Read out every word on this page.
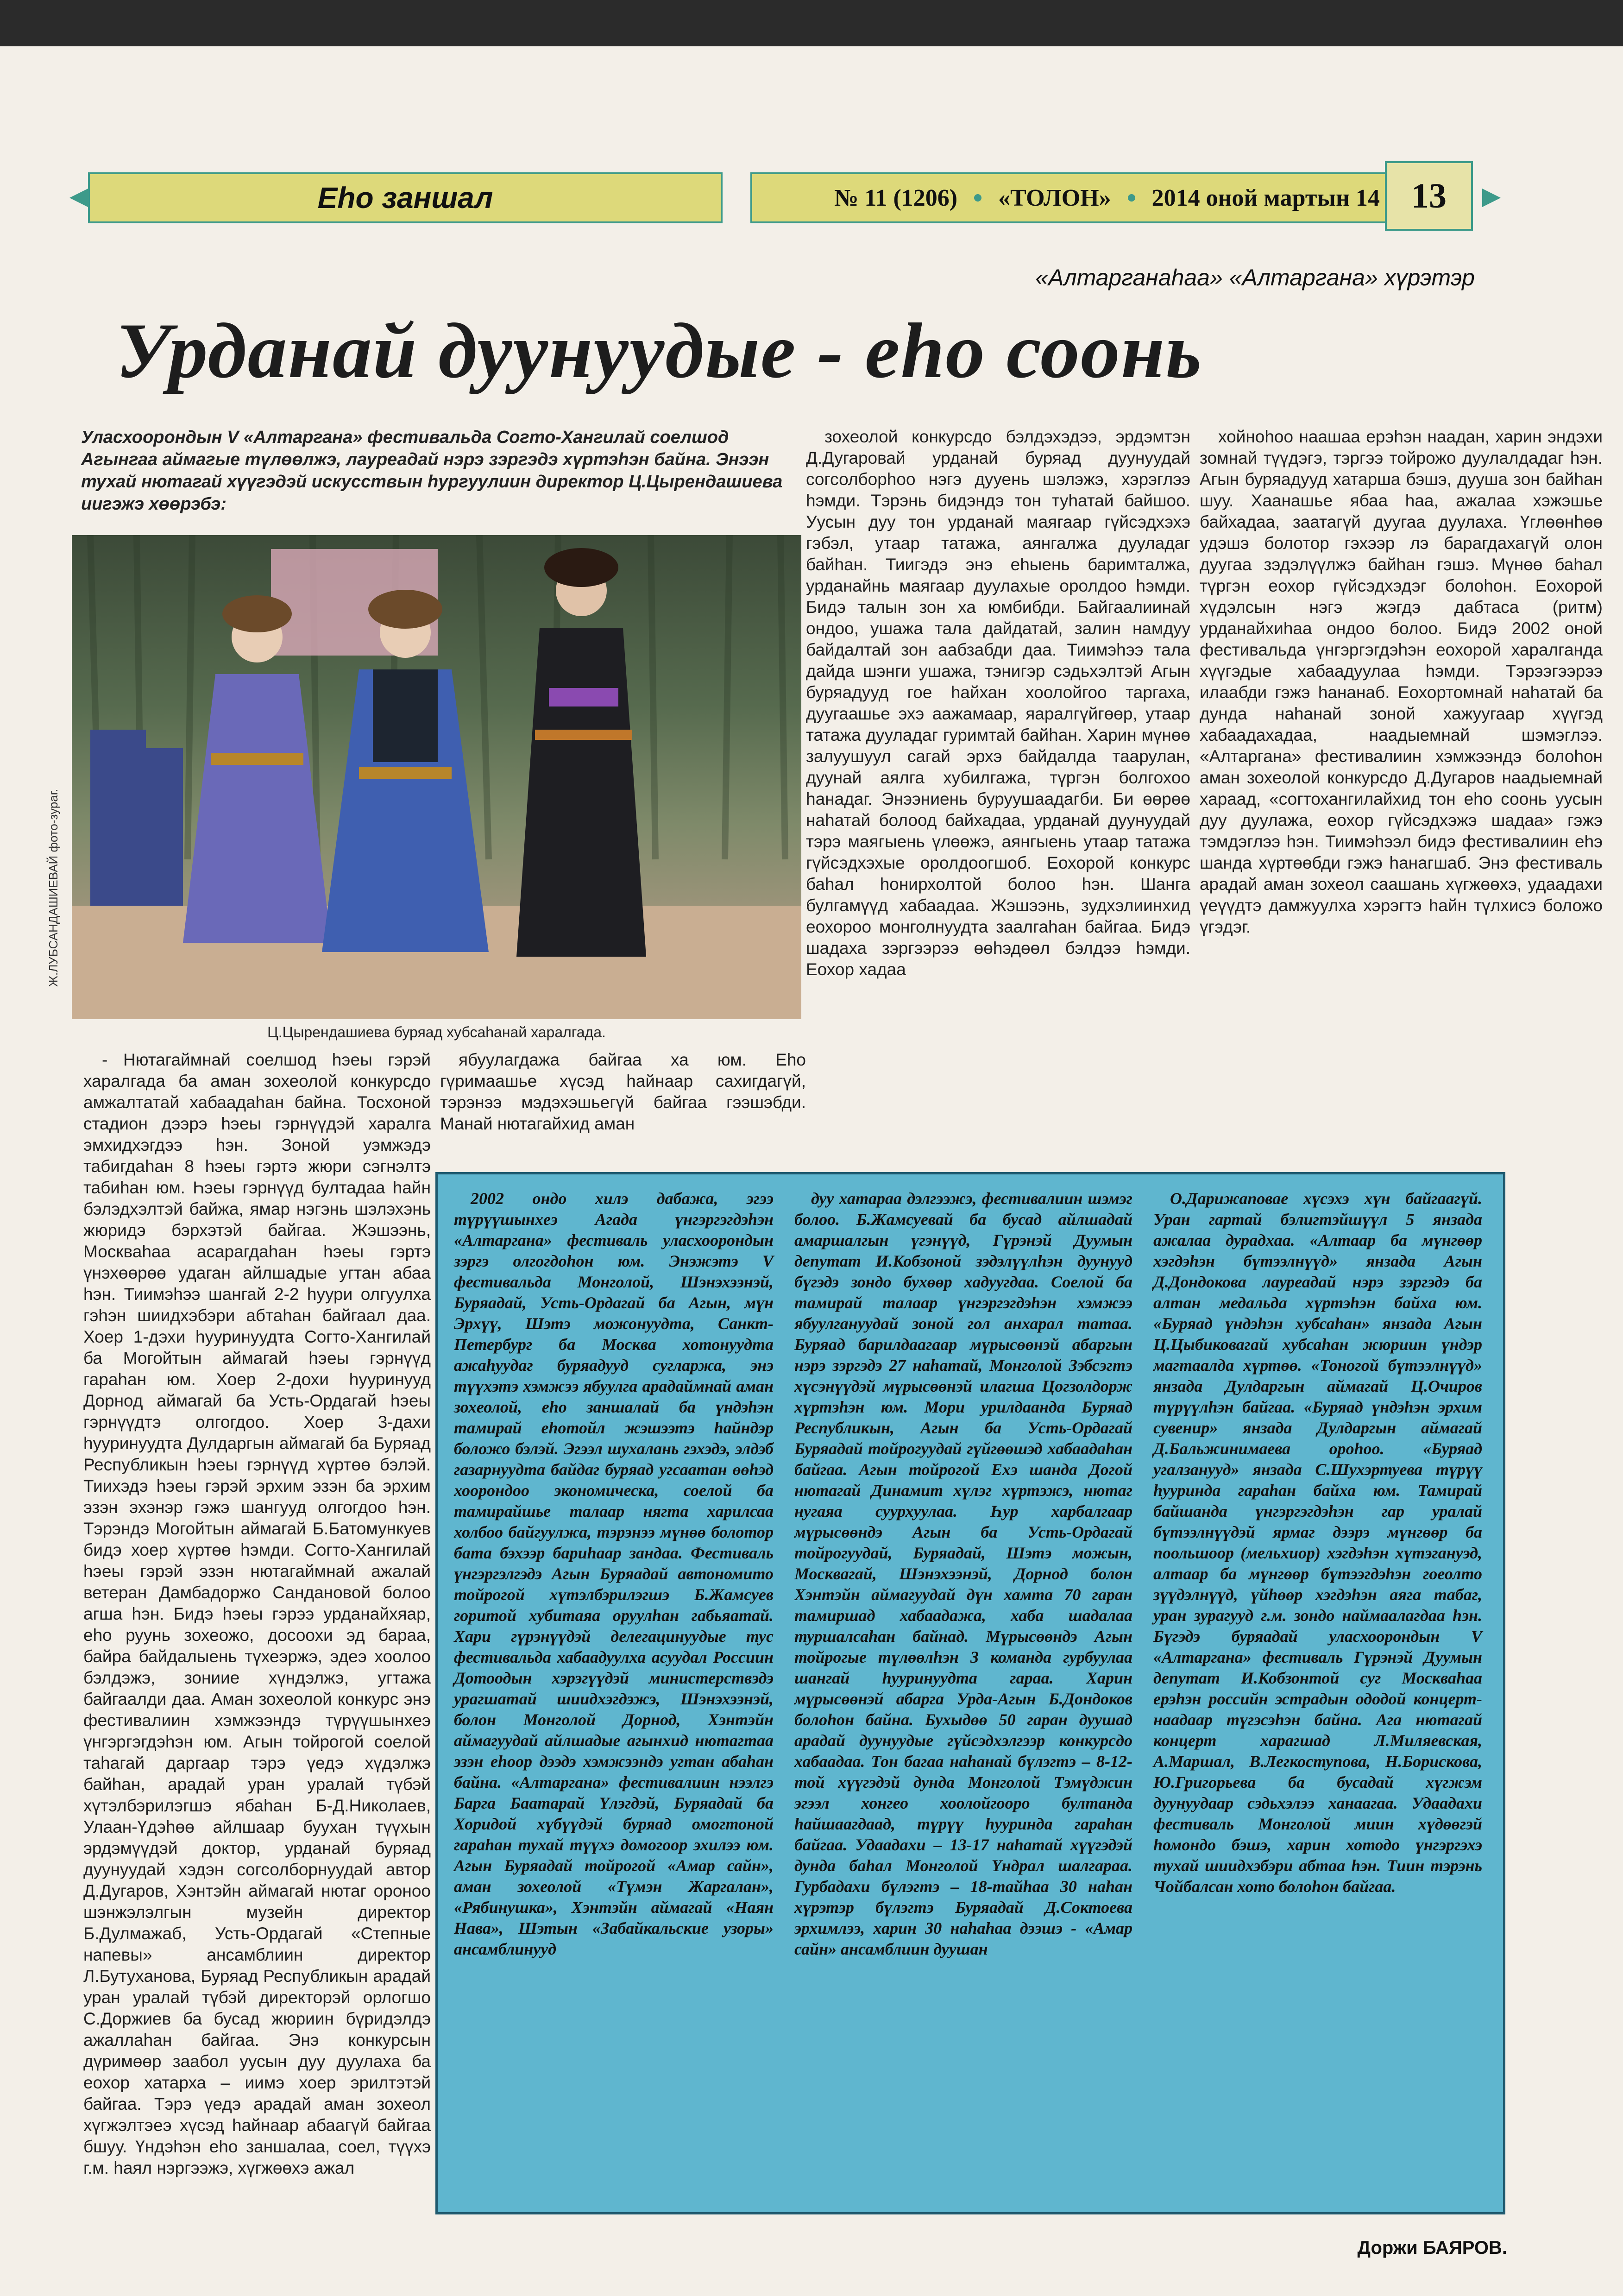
Еһо заншал	№ 11 (1206) «ТОЛОН» 2014 оной мартын 14 13
«Алтарганаһаа» «Алтаргана» хүрэтэр
Урданай дуунуудые - еһо соонь
Уласхоорондын V «Алтаргана» фестивальда Согто-Хангилай соелшод Агынгаа аймагые түлөөлжэ, лауреадай нэрэ зэргэдэ хүртэһэн байна. Энээн тухай нютагай хүүгэдэй искусствын һургуулиин директор Ц.Цырендашиева иигэжэ хөөрэбэ:
Ц.Цырендашиева буряад хубсаһанай харалгада.
Ж.ЛУБСАНДАШИЕВАЙ фото-зураг.

зохеолой конкурсдо бэлдэхэдээ, эрдэмтэн Д.Дугаровай урданай буряад дуунуудай согсолборһоо нэгэ дууень шэлэжэ, хэрэглээ һэмди. Тэрэнь бидэндэ тон туһатай байшоо. Уусын дуу тон урданай маягаар гүйсэдхэхэ гэбэл, утаар татажа, аянгалжа дууладаг байһан. Тиигэдэ энэ еһыень баримталжа, урданайнь маягаар дуулахые оролдоо һэмди. Бидэ талын зон ха юмбибди. Байгаалиинай ондоо, ушажа тала дайдатай, залин намдуу байдалтай зон аабзабди даа. Тиимэһээ тала дайда шэнги ушажа, тэнигэр сэдьхэлтэй Агын буряадууд гое һайхан хоолойгоо таргаха, дуугаашье эхэ аажамаар, яаралгүйгөөр, утаар татажа дууладаг гуримтай байһан. Харин мүнөө залуушуул сагай эрхэ байдалда таарулан, дуунай аялга хубилгажа, түргэн болгохоо һанадаг. Энээниень буруушаадагби. Би өөрөө наһатай болоод байхадаа, урданай дуунуудай тэрэ маягыень үлөөжэ, аянгыень утаар татажа гүйсэдхэхые оролдоогшоб. Еохорой конкурс баһал һонирхолтой болоо һэн. Шанга булгамүүд хабаадаа. Жэшээнь, зудхэлиинхид еохорoo монголнуудта заалгаһан байгаа. Бидэ шадаха зэргээрээ өөһэдөөл бэлдээ һэмди. Еохор хадаа

хойноһоо наашаа ерэһэн наадан, харин эндэхи зомнай түүдэгэ, тэргээ тойрожо дуулалдадаг һэн. Агын буряадууд хатарша бэшэ, дууша зон байһан шуу. Хаанашье ябаа һаа, ажалаа хэжэшье байхадаа, заатагүй дуугаа дуулаха. Үглөөнһөө удэшэ болотор гэхээр лэ барагдахагүй олон дуугаа зэдэлүүлжэ байһан гэшэ. Мүнөө баһал түргэн еохор гүйсэдхэдэг болоһон. Еохорой хүдэлсын нэгэ жэгдэ дабтаса (ритм) урданайхиһаа ондоо болоо. Бидэ 2002 оной фестивальда үнгэргэгдэһэн еохорой харалганда хүүгэдые хабаадуулаа һэмди. Тэрээгээрээ илаабди гэжэ һананаб. Еохортомнай наһатай ба дунда наһанай зоной хажуугаар хүүгэд хабаадахадаа, наадыемнай шэмэглээ. «Алтаргана» фестивалиин хэмжээндэ болоһон аман зохеолой конкурсдо Д.Дугаров наадыемнай хараад, «согтохангилайхид тон еһо соонь уусын дуу дуулажа, еохор гүйсэдхэжэ шадаа» гэжэ тэмдэглээ һэн. Тиимэһээл бидэ фестивалиин еһэ шанда хүртөөбди гэжэ һанагшаб. Энэ фестиваль арадай аман зохеол саашань хүгжөөхэ, удаадахи үеүүдтэ дамжуулха хэрэгтэ һайн түлхисэ боложо үгэдэг.

- Нютагаймнай соелшод һэеы гэрэй харалгада ба аман зохеолой конкурсдо амжалтатай хабаадаһан байна. Тосхоной стадион дээрэ һэеы гэрнүүдэй харалга эмхидхэгдээ һэн. Зоной уэмжэдэ табигдаһан 8 һэеы гэртэ жюри сэгнэлтэ табиһан юм. Һэеы гэрнүүд бултадаа һайн бэлэдхэлтэй байжа, ямар нэгэнь шэлэхэнь жюридэ бэрхэтэй байгаа. Жэшээнь, Москваһаа асарагдаһан һэеы гэртэ үнэхөөрөө удаган айлшадые угтан абаа һэн. Тиимэһээ шангай 2-2 һуури олгуулха гэһэн шиидхэбэри абтаһан байгаал даа. Хоер 1-дэхи һууринуудта Согто-Хангилай ба Могойтын аймагай һэеы гэрнүүд гараһан юм. Хоер 2-дохи һууринууд Дорнод аймагай ба Усть-Ордагай һэеы гэрнүүдтэ олгогдоо. Хоер 3-дахи һууринуудта Дулдаргын аймагай ба Буряад Республикын һэеы гэрнүүд хүртөө бэлэй. Тиихэдэ һэеы гэрэй эрхим эзэн ба эрхим эзэн эхэнэр гэжэ шангууд олгогдоо һэн. Тэрэндэ Могойтын аймагай Б.Батомункуев бидэ хоер хүртөө һэмди. Согто-Хангилай һэеы гэрэй эзэн нютагаймнай ажалай ветеран Дамбадоржо Сандановой болоо агша һэн. Бидэ һэеы гэрээ урданайхяар, еһо руунь зохеожо, досоохи эд бараа, байра байдалыень түхеэржэ, эдеэ хоолоо бэлдэжэ, зониие хүндэлжэ, угтажа байгаалди даа. Аман зохеолой конкурс энэ фестивалиин хэмжээндэ түрүүшынхеэ үнгэргэгдэһэн юм. Агын тойрогой соелой таһагай даргаар тэрэ үедэ хүдэлжэ байһан, арадай уран уралай түбэй хүтэлбэрилэгшэ ябаһан Б-Д.Николаев, Улаан-Үдэһөө айлшаар буухан түүхын эрдэмүүдэй доктор, урданай буряад дуунуудай хэдэн согсолборнуудай автор Д.Дугаров, Хэнтэйн аймагай нютаг ороноо шэнжэлэлгын музейн директор Б.Дулмажаб, Усть-Ордагай «Степные напевы» ансамблиин директор Л.Бутуханова, Буряад Республикын арадай уран уралай түбэй директорэй орлогшо С.Доржиев ба бусад жюриин бүридэлдэ ажаллаһан байгаа. Энэ конкурсын дүримөөр заабол уусын дуу дуулаха ба еохор хатарха – иимэ хоер эрилтэтэй байгаа. Тэрэ үедэ арадай аман зохеол хүгжэлтэеэ хүсэд һайнаар абаагүй байгаа бшуу. Үндэһэн еһо заншалаа, соел, түүхэ г.м. һаял нэргээжэ, хүгжөөхэ ажал

ябуулагдажа байгаа ха юм. Еһо гүримаашье хүсэд һайнаар сахигдагүй, тэрэнээ мэдэхэшьегүй байгаа гээшэбди. Манай нютагайхид аман

2002 ондо хилэ дабажа, эгээ түрүүшынхеэ Агада үнгэргэгдэһэн «Алтаргана» фестиваль уласхоорондын зэргэ олгогдоһон юм. Энэжэтэ V фестивальда Монголой, Шэнэхээнэй, Буряадай, Усть-Ордагай ба Агын, мүн Эрхүү, Шэтэ можонуудта, Санкт-Петербург ба Москва хотонуудта ажаһуудаг буряадууд сугларжа, энэ түүхэтэ хэмжээ ябуулга арадаймнай аман зохеолой, еһо заншалай ба үндэһэн тамирай еһотойл жэшээтэ һайндэр боложо бэлэй. Эгээл шухалань гэхэдэ, элдэб газарнуудта байдаг буряад угсаатан өөһэд хоорондоо экономическа, соелой ба тамирайшье талаар нягта харилсаа холбоо байгуулжа, тэрэнээ мүнөө болотор бата бэхээр бариһаар зандаа. Фестиваль үнгэргэлгэдэ Агын Буряадай автономито тойрогой хүтэлбэрилэгшэ Б.Жамсуев горитой хубитаяа оруулһан габьяатай. Хари гүрэнүүдэй делегацинуудые тус фестивальда хабаадуулха асуудал Россиин Дотоодын хэрэгүүдэй министерствэдэ урагшатай шиидхэгдэжэ, Шэнэхээнэй, болон Монголой Дорнод, Хэнтэйн аймагуудай айлшадые агынхид нютагтаа эзэн еһоор дээдэ хэмжээндэ угтан абаһан байна. «Алтаргана» фестивалиин нээлгэ Барга Баатарай Үлэгдэй, Буряадай ба Хоридой хүбүүдэй буряад омогтоной гараһан тухай түүхэ домогоор эхилээ юм. Агын Буряадай тойрогой «Амар сайн», аман зохеолой «Түмэн Жаргалан», «Рябинушка», Хэнтэйн аймагай «Наян Нава», Шэтын «Забайкальские узоры» ансамблинууд

дуу хатараа дэлгээжэ, фестивалиин шэмэг болоо. Б.Жамсуевай ба бусад айлшадай амаршалгын үгэнүүд, Гүрэнэй Дуумын депутат И.Кобзоной зэдэлүүлһэн дуунууд бүгэдэ зондо бухөөр хадуугдаа. Соелой ба тамирай талаар үнгэргэгдэһэн хэмжээ ябуулгануудай зоной гол анхарал татаа. Буряад барилдаагаар мүрысөөнэй абаргын нэрэ зэргэдэ 27 наһатай, Монголой Зэбсэгтэ хүсэнүүдэй мүрысөөнэй илагша Цогзолдорж хүртэһэн юм. Мори урилдаанда Буряад Республикын, Агын ба Усть-Ордагай Буряадай тойрогуудай гүйгөөшэд хабаадаһан байгаа. Агын тойрогой Еxэ шанда Догой нютагай Динамит хүлэг хүртэжэ, нютаг нугаяа суурхуулаа. Һур харбалгаар мүрысөөндэ Агын ба Усть-Ордагай тойрогуудай, Буряадай, Шэтэ можын, Москвагай, Шэнэхээнэй, Дорнод болон Хэнтэйн аймагуудай дүн хамта 70 гаран тамиршад хабаадажа, хаба шадалаа туршалсаһан байнад. Мүрысөөндэ Агын тойрогые түлөөлһэн 3 команда гурбуулаа шангай һууринуудта гараа. Харин мүрысөөнэй абарга Урда-Агын Б.Дондоков болоһон байна. Бухыдөө 50 гаран дуушад арадай дуунуудые гүйсэдхэлгээр конкурсдо хабаадаа. Тон багаа наһанай бүлэгтэ – 8-12-той хүүгэдэй дунда Монголой Тэмүджин эгээл хонгео хоолойгооро бултанда һайшаагдаад, түрүү һууринда гараһан байгаа. Удаадахи – 13-17 наһатай хүүгэдэй дунда баһал Монголой Үндрал шалгараа. Гурбадахи бүлэгтэ – 18-тайһаа 30 наһан хүрэтэр бүлэгтэ Буряадай Д.Соктоева эрхимлээ, харин 30 наһаһаа дээшэ - «Амар сайн» ансамблиин дуушан

О.Дарижаповае хүсэхэ хүн байгаагүй. Уран гартай бэлигтэйшүүл 5 янзада ажалаа дурадхаа. «Алтаар ба мүнгөөр хэгдэһэн бүтээлнүүд» янзада Агын Д.Дондокова лауреадай нэрэ зэргэдэ ба алтан медальда хүртэһэн байха юм. «Буряад үндэһэн хубсаһан» янзада Агын Ц.Цыбиковагай хубсаһан жюриин үндэр магтаалда хүртөө. «Тоногой бүтээлнүүд» янзада Дулдаргын аймагай Ц.Очиров түрүүлһэн байгаа. «Буряад үндэһэн эрхим сувенир» янзада Дулдаргын аймагай Д.Бальжинимаева ороһоо. «Буряад угалзанууд» янзада С.Шухэртуева түрүү һууринда гараһан байха юм. Тамирай байшанда үнгэргэгдэһэн гар уралай бүтээлнүүдэй ярмаг дээрэ мүнгөөр ба поольшоор (мельхиор) хэгдэһэн хүтэгануэд, алтаар ба мүнгөөр бүтээгдэһэн гоеолто зүүдэлнүүд, үйһөөр хэгдэһэн аяга табаг, уран зурагууд г.м. зондо наймаалагдаа һэн. Бүгэдэ буряадай уласхоорондын V «Алтаргана» фестиваль Гүрэнэй Дуумын депутат И.Кобзонтой суг Москваһаа ерэһэн российн эстрадын ододой концерт-наадаар түгэсэһэн байна. Ага нютагай концерт харагшад Л.Миляевская, А.Маршал, В.Легкоступова, Н.Борискова, Ю.Григорьева ба бусадай хүгжэм дуунуудаар сэдьхэлээ ханаагаа. Удаадахи фестиваль Монголой миин хүдөөгэй һомондо бэшэ, харин хотодо үнгэргэхэ тухай шиидхэбэри абтаа һэн. Тиин тэрэнь Чойбалсан хото болоһон байгаа.

Доржи БАЯРОВ.
